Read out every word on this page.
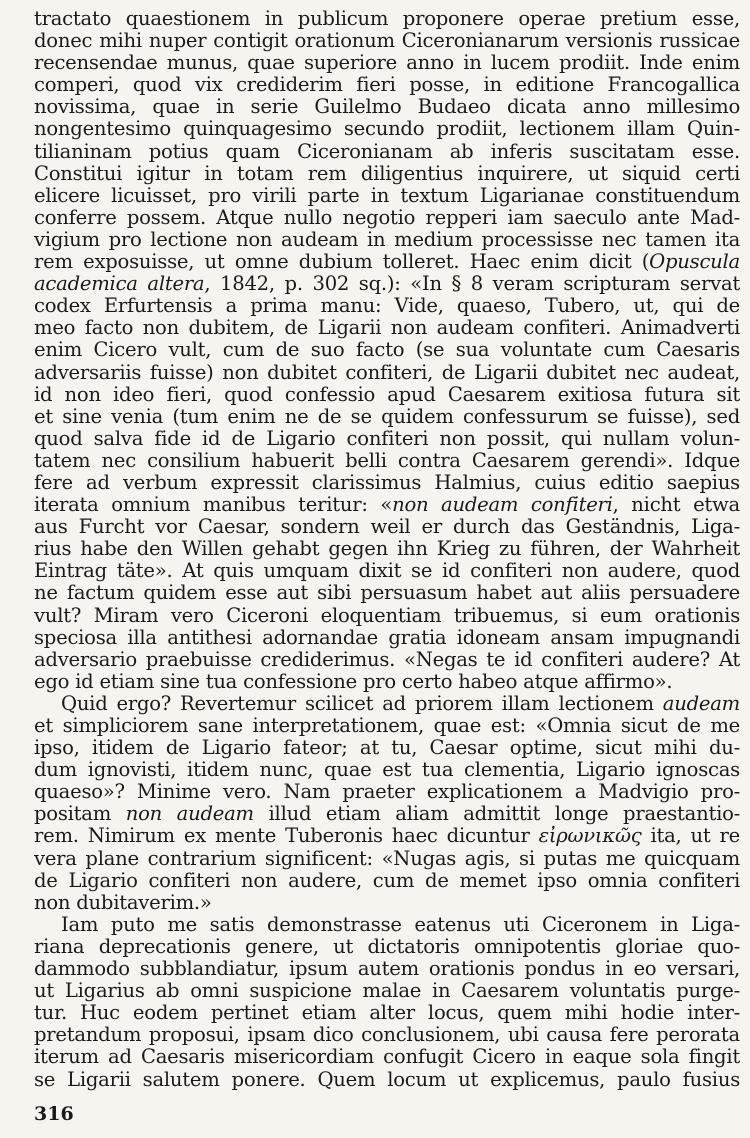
tractato quaestionem in publicum proponere operae pretium esse,
donec mihi nuper contigit orationum Ciceronianarum versionis russicae
recensendae munus, quae superiore anno in lucem prodiit. Inde enim
comperi, quod vix crediderim fieri posse, in editione Francogallica
novissima, quae in serie Guilelmo Budaeo dicata anno millesimo
nongentesimo quinquagesimo secundo prodiit, lectionem illam Quin-
tilianinam potius quam Ciceronianam ab inferis suscitatam esse.
Constitui igitur in totam rem diligentius inquirere, ut siquid certi
elicere licuisset, pro virili parte in textum Ligarianae constituendum
conferre possem. Atque nullo negotio repperi iam saeculo ante Mad-
vigium pro lectione non audeam in medium processisse nec tamen ita
rem exposuisse, ut omne dubium tolleret. Haec enim dicit (Opuscula
academica altera, 1842, p. 302 sq.): «In § 8 veram scripturam servat
codex Erfurtensis a prima manu: Vide, quaeso, Tubero, ut, qui de
meo facto non dubitem, de Ligarii non audeam confiteri. Animadverti
enim Cicero vult, cum de suo facto (se sua voluntate cum Caesaris
adversariis fuisse) non dubitet confiteri, de Ligarii dubitet nec audeat,
id non ideo fieri, quod confessio apud Caesarem exitiosa futura sit
et sine venia (tum enim ne de se quidem confessurum se fuisse), sed
quod salva fide id de Ligario confiteri non possit, qui nullam volun-
tatem nec consilium habuerit belli contra Caesarem gerendi». Idque
fere ad verbum expressit clarissimus Halmius, cuius editio saepius
iterata omnium manibus teritur: «non audeam confiteri, nicht etwa
aus Furcht vor Caesar, sondern weil er durch das Geständnis, Liga-
rius habe den Willen gehabt gegen ihn Krieg zu führen, der Wahrheit
Eintrag täte». At quis umquam dixit se id confiteri non audere, quod
ne factum quidem esse aut sibi persuasum habet aut aliis persuadere
vult? Miram vero Ciceroni eloquentiam tribuemus, si eum orationis
speciosa illa antithesi adornandae gratia idoneam ansam impugnandi
adversario praebuisse crediderimus. «Negas te id confiteri audere? At
ego id etiam sine tua confessione pro certo habeo atque affirmo».
Quid ergo? Revertemur scilicet ad priorem illam lectionem audeam
et simpliciorem sane interpretationem, quae est: «Omnia sicut de me
ipso, itidem de Ligario fateor; at tu, Caesar optime, sicut mihi du-
dum ignovisti, itidem nunc, quae est tua clementia, Ligario ignoscas
quaeso»? Minime vero. Nam praeter explicationem a Madvigio pro-
positam non audeam illud etiam aliam admittit longe praestantio-
rem. Nimirum ex mente Tuberonis haec dicuntur εἰρωνικῶς ita, ut re
vera plane contrarium significent: «Nugas agis, si putas me quicquam
de Ligario confiteri non audere, cum de memet ipso omnia confiteri
non dubitaverim.»
Iam puto me satis demonstrasse eatenus uti Ciceronem in Liga-
riana deprecationis genere, ut dictatoris omnipotentis gloriae quo-
dammodo subblandiatur, ipsum autem orationis pondus in eo versari,
ut Ligarius ab omni suspicione malae in Caesarem voluntatis purge-
tur. Huc eodem pertinet etiam alter locus, quem mihi hodie inter-
pretandum proposui, ipsam dico conclusionem, ubi causa fere perorata
iterum ad Caesaris misericordiam confugit Cicero in eaque sola fingit
se Ligarii salutem ponere. Quem locum ut explicemus, paulo fusius
316
